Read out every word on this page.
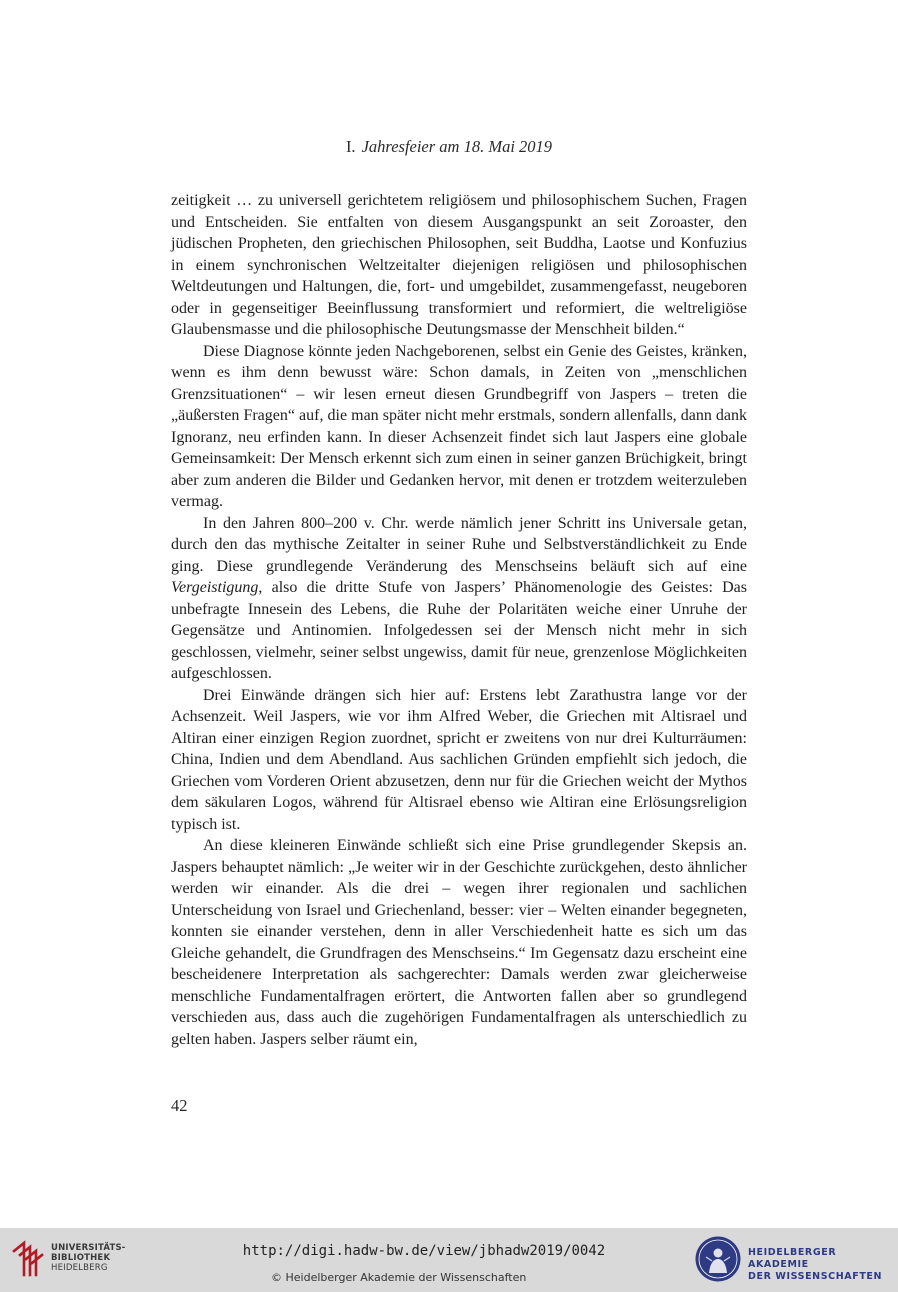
I. Jahresfeier am 18. Mai 2019

zeitigkeit … zu universell gerichtetem religiösem und philosophischem Suchen, Fragen und Entscheiden. Sie entfalten von diesem Ausgangspunkt an seit Zoroaster, den jüdischen Propheten, den griechischen Philosophen, seit Buddha, Laotse und Konfuzius in einem synchronischen Weltzeitalter diejenigen religiösen und philosophischen Weltdeutungen und Haltungen, die, fort- und umgebildet, zusammengefasst, neugeboren oder in gegenseitiger Beeinflussung transformiert und reformiert, die weltreligiöse Glaubensmasse und die philosophische Deutungsmasse der Menschheit bilden.“

Diese Diagnose könnte jeden Nachgeborenen, selbst ein Genie des Geistes, kränken, wenn es ihm denn bewusst wäre: Schon damals, in Zeiten von „menschlichen Grenzsituationen“ – wir lesen erneut diesen Grundbegriff von Jaspers – treten die „äußersten Fragen“ auf, die man später nicht mehr erstmals, sondern allenfalls, dann dank Ignoranz, neu erfinden kann. In dieser Achsenzeit findet sich laut Jaspers eine globale Gemeinsamkeit: Der Mensch erkennt sich zum einen in seiner ganzen Brüchigkeit, bringt aber zum anderen die Bilder und Gedanken hervor, mit denen er trotzdem weiterzuleben vermag.

In den Jahren 800–200 v. Chr. werde nämlich jener Schritt ins Universale getan, durch den das mythische Zeitalter in seiner Ruhe und Selbstverständlichkeit zu Ende ging. Diese grundlegende Veränderung des Menschseins beläuft sich auf eine Vergeistigung, also die dritte Stufe von Jaspers’ Phänomenologie des Geistes: Das unbefragte Innesein des Lebens, die Ruhe der Polaritäten weiche einer Unruhe der Gegensätze und Antinomien. Infolgedessen sei der Mensch nicht mehr in sich geschlossen, vielmehr, seiner selbst ungewiss, damit für neue, grenzenlose Möglichkeiten aufgeschlossen.

Drei Einwände drängen sich hier auf: Erstens lebt Zarathustra lange vor der Achsenzeit. Weil Jaspers, wie vor ihm Alfred Weber, die Griechen mit Altisrael und Altiran einer einzigen Region zuordnet, spricht er zweitens von nur drei Kulturräumen: China, Indien und dem Abendland. Aus sachlichen Gründen empfiehlt sich jedoch, die Griechen vom Vorderen Orient abzusetzen, denn nur für die Griechen weicht der Mythos dem säkularen Logos, während für Altisrael ebenso wie Altiran eine Erlösungsreligion typisch ist.

An diese kleineren Einwände schließt sich eine Prise grundlegender Skepsis an. Jaspers behauptet nämlich: „Je weiter wir in der Geschichte zurückgehen, desto ähnlicher werden wir einander. Als die drei – wegen ihrer regionalen und sachlichen Unterscheidung von Israel und Griechenland, besser: vier – Welten einander begegneten, konnten sie einander verstehen, denn in aller Verschiedenheit hatte es sich um das Gleiche gehandelt, die Grundfragen des Menschseins.“ Im Gegensatz dazu erscheint eine bescheidenere Interpretation als sachgerechter: Damals werden zwar gleicherweise menschliche Fundamentalfragen erörtert, die Antworten fallen aber so grundlegend verschieden aus, dass auch die zugehörigen Fundamentalfragen als unterschiedlich zu gelten haben. Jaspers selber räumt ein,

42
UNIVERSITÄTS-
BIBLIOTHEK
HEIDELBERG
http://digi.hadw-bw.de/view/jbhadw2019/0042
© Heidelberger Akademie der Wissenschaften
HEIDELBERGER AKADEMIE
DER WISSENSCHAFTEN
